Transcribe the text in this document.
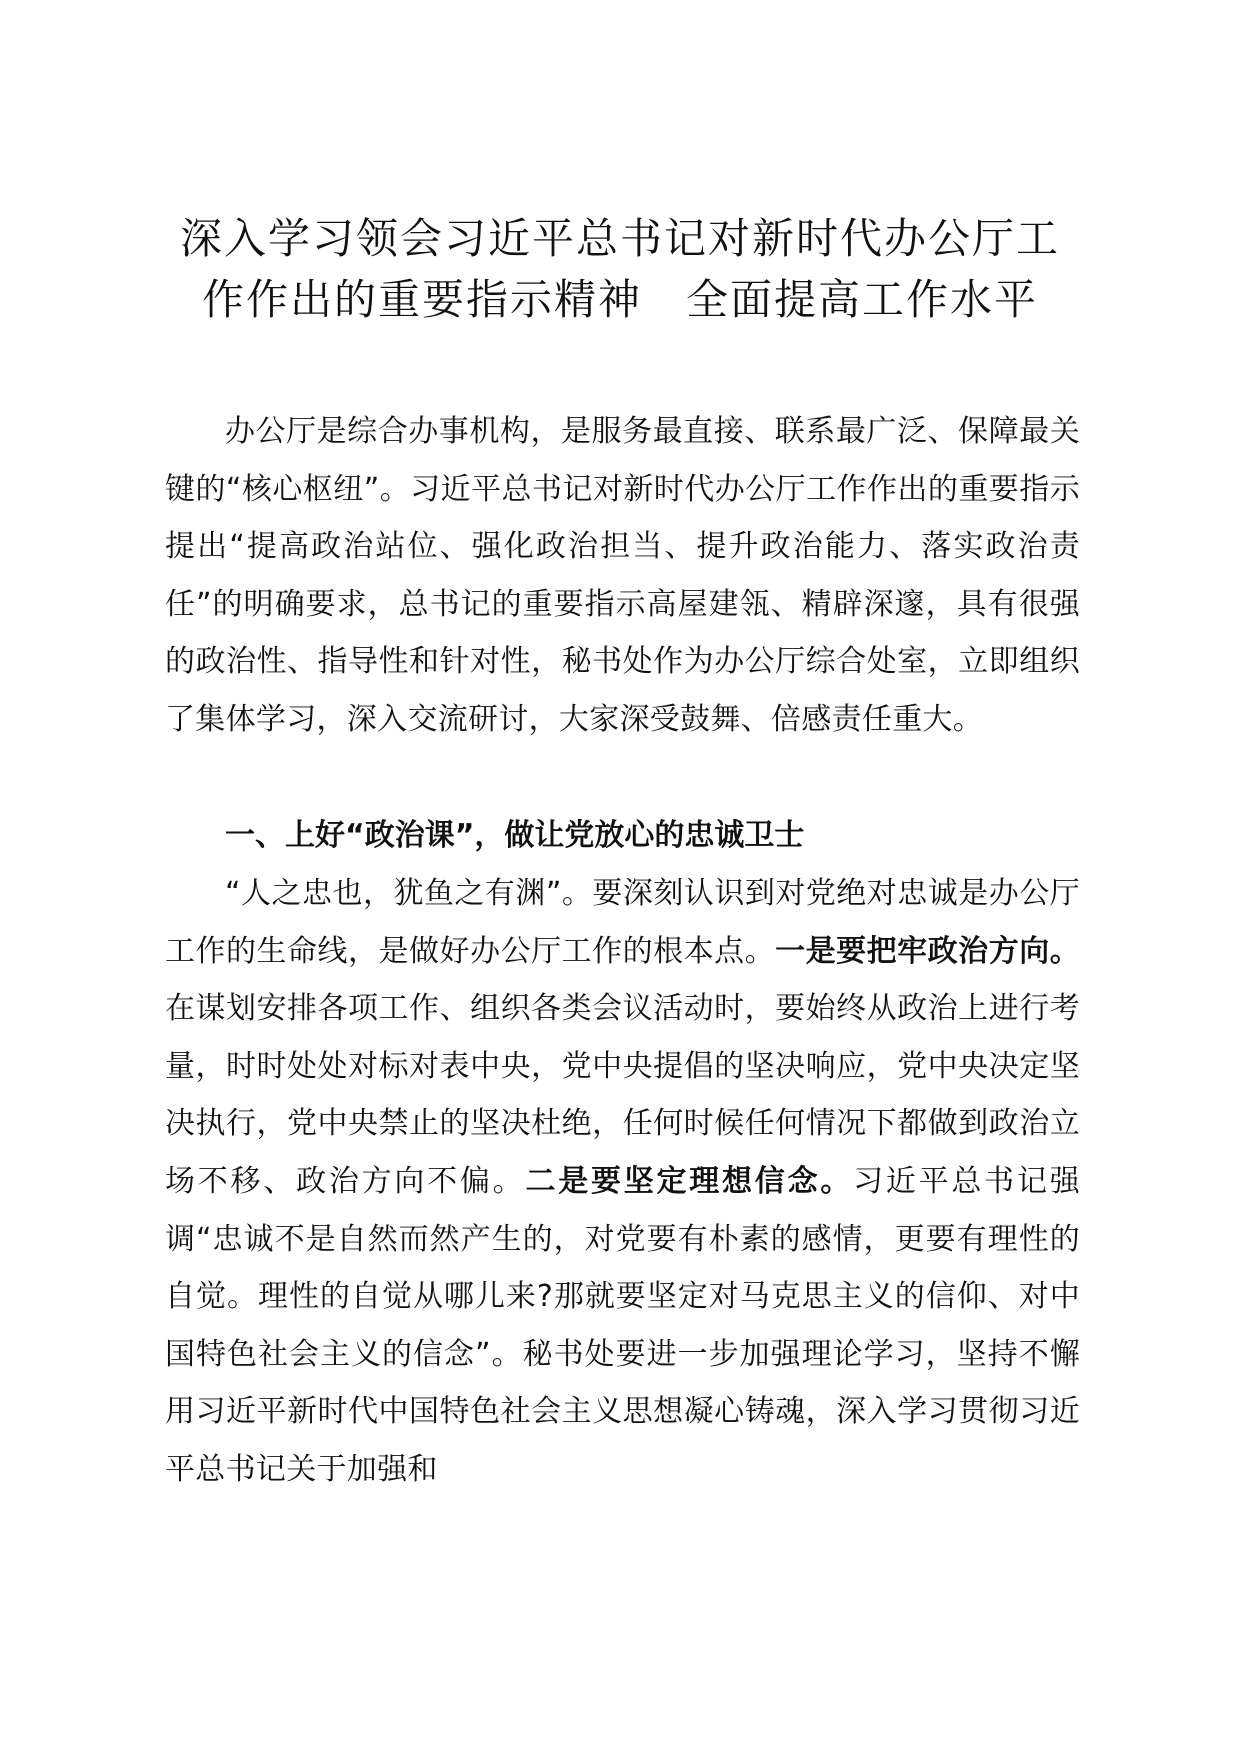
深入学习领会习近平总书记对新时代办公厅工
作作出的重要指示精神　全面提高工作水平

办公厅是综合办事机构，是服务最直接、联系最广泛、保障最关键的“核心枢纽”。习近平总书记对新时代办公厅工作作出的重要指示提出“提高政治站位、强化政治担当、提升政治能力、落实政治责任”的明确要求，总书记的重要指示高屋建瓴、精辟深邃，具有很强的政治性、指导性和针对性，秘书处作为办公厅综合处室，立即组织了集体学习，深入交流研讨，大家深受鼓舞、倍感责任重大。

一、上好“政治课”，做让党放心的忠诚卫士

“人之忠也，犹鱼之有渊”。要深刻认识到对党绝对忠诚是办公厅工作的生命线，是做好办公厅工作的根本点。一是要把牢政治方向。在谋划安排各项工作、组织各类会议活动时，要始终从政治上进行考量，时时处处对标对表中央，党中央提倡的坚决响应，党中央决定坚决执行，党中央禁止的坚决杜绝，任何时候任何情况下都做到政治立场不移、政治方向不偏。二是要坚定理想信念。习近平总书记强调“忠诚不是自然而然产生的，对党要有朴素的感情，更要有理性的自觉。理性的自觉从哪儿来?那就要坚定对马克思主义的信仰、对中国特色社会主义的信念”。秘书处要进一步加强理论学习，坚持不懈用习近平新时代中国特色社会主义思想凝心铸魂，深入学习贯彻习近平总书记关于加强和
